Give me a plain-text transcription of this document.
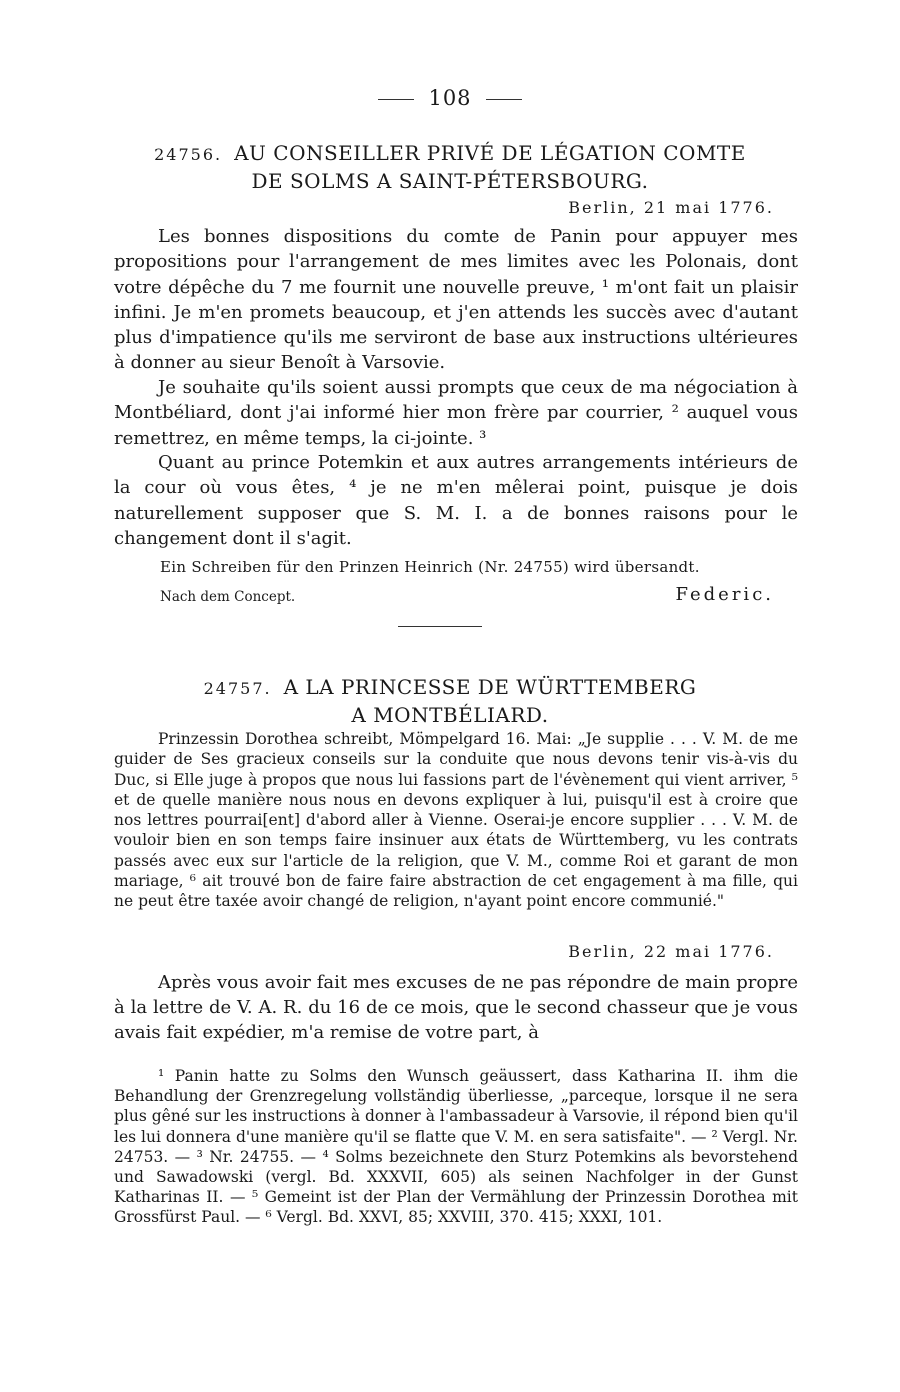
108
24756. AU CONSEILLER PRIVÉ DE LÉGATION COMTE
DE SOLMS A SAINT-PÉTERSBOURG.
Berlin, 21 mai 1776.

Les bonnes dispositions du comte de Panin pour appuyer mes propositions pour l'arrangement de mes limites avec les Polonais, dont votre dépêche du 7 me fournit une nouvelle preuve, ¹ m'ont fait un plaisir infini. Je m'en promets beaucoup, et j'en attends les succès avec d'autant plus d'impatience qu'ils me serviront de base aux instructions ultérieures à donner au sieur Benoît à Varsovie.

Je souhaite qu'ils soient aussi prompts que ceux de ma négociation à Montbéliard, dont j'ai informé hier mon frère par courrier, ² auquel vous remettrez, en même temps, la ci-jointe. ³

Quant au prince Potemkin et aux autres arrangements intérieurs de la cour où vous êtes, ⁴ je ne m'en mêlerai point, puisque je dois naturellement supposer que S. M. I. a de bonnes raisons pour le changement dont il s'agit.

Ein Schreiben für den Prinzen Heinrich (Nr. 24755) wird übersandt.
Nach dem Concept.	Federic.
24757. A LA PRINCESSE DE WÜRTTEMBERG
A MONTBÉLIARD.

Prinzessin Dorothea schreibt, Mömpelgard 16. Mai: „Je supplie . . . V. M. de me guider de Ses gracieux conseils sur la conduite que nous devons tenir vis-à-vis du Duc, si Elle juge à propos que nous lui fassions part de l'évènement qui vient arriver, ⁵ et de quelle manière nous nous en devons expliquer à lui, puisqu'il est à croire que nos lettres pourrai[ent] d'abord aller à Vienne. Oserai-je encore supplier . . . V. M. de vouloir bien en son temps faire insinuer aux états de Württemberg, vu les contrats passés avec eux sur l'article de la religion, que V. M., comme Roi et garant de mon mariage, ⁶ ait trouvé bon de faire faire abstraction de cet engagement à ma fille, qui ne peut être taxée avoir changé de religion, n'ayant point encore communié."

Berlin, 22 mai 1776.

Après vous avoir fait mes excuses de ne pas répondre de main propre à la lettre de V. A. R. du 16 de ce mois, que le second chasseur que je vous avais fait expédier, m'a remise de votre part, à

¹ Panin hatte zu Solms den Wunsch geäussert, dass Katharina II. ihm die Behandlung der Grenzregelung vollständig überliesse, „parceque, lorsque il ne sera plus gêné sur les instructions à donner à l'ambassadeur à Varsovie, il répond bien qu'il les lui donnera d'une manière qu'il se flatte que V. M. en sera satisfaite". — ² Vergl. Nr. 24753. — ³ Nr. 24755. — ⁴ Solms bezeichnete den Sturz Potemkins als bevorstehend und Sawadowski (vergl. Bd. XXXVII, 605) als seinen Nachfolger in der Gunst Katharinas II. — ⁵ Gemeint ist der Plan der Vermählung der Prinzessin Dorothea mit Grossfürst Paul. — ⁶ Vergl. Bd. XXVI, 85; XXVIII, 370. 415; XXXI, 101.
